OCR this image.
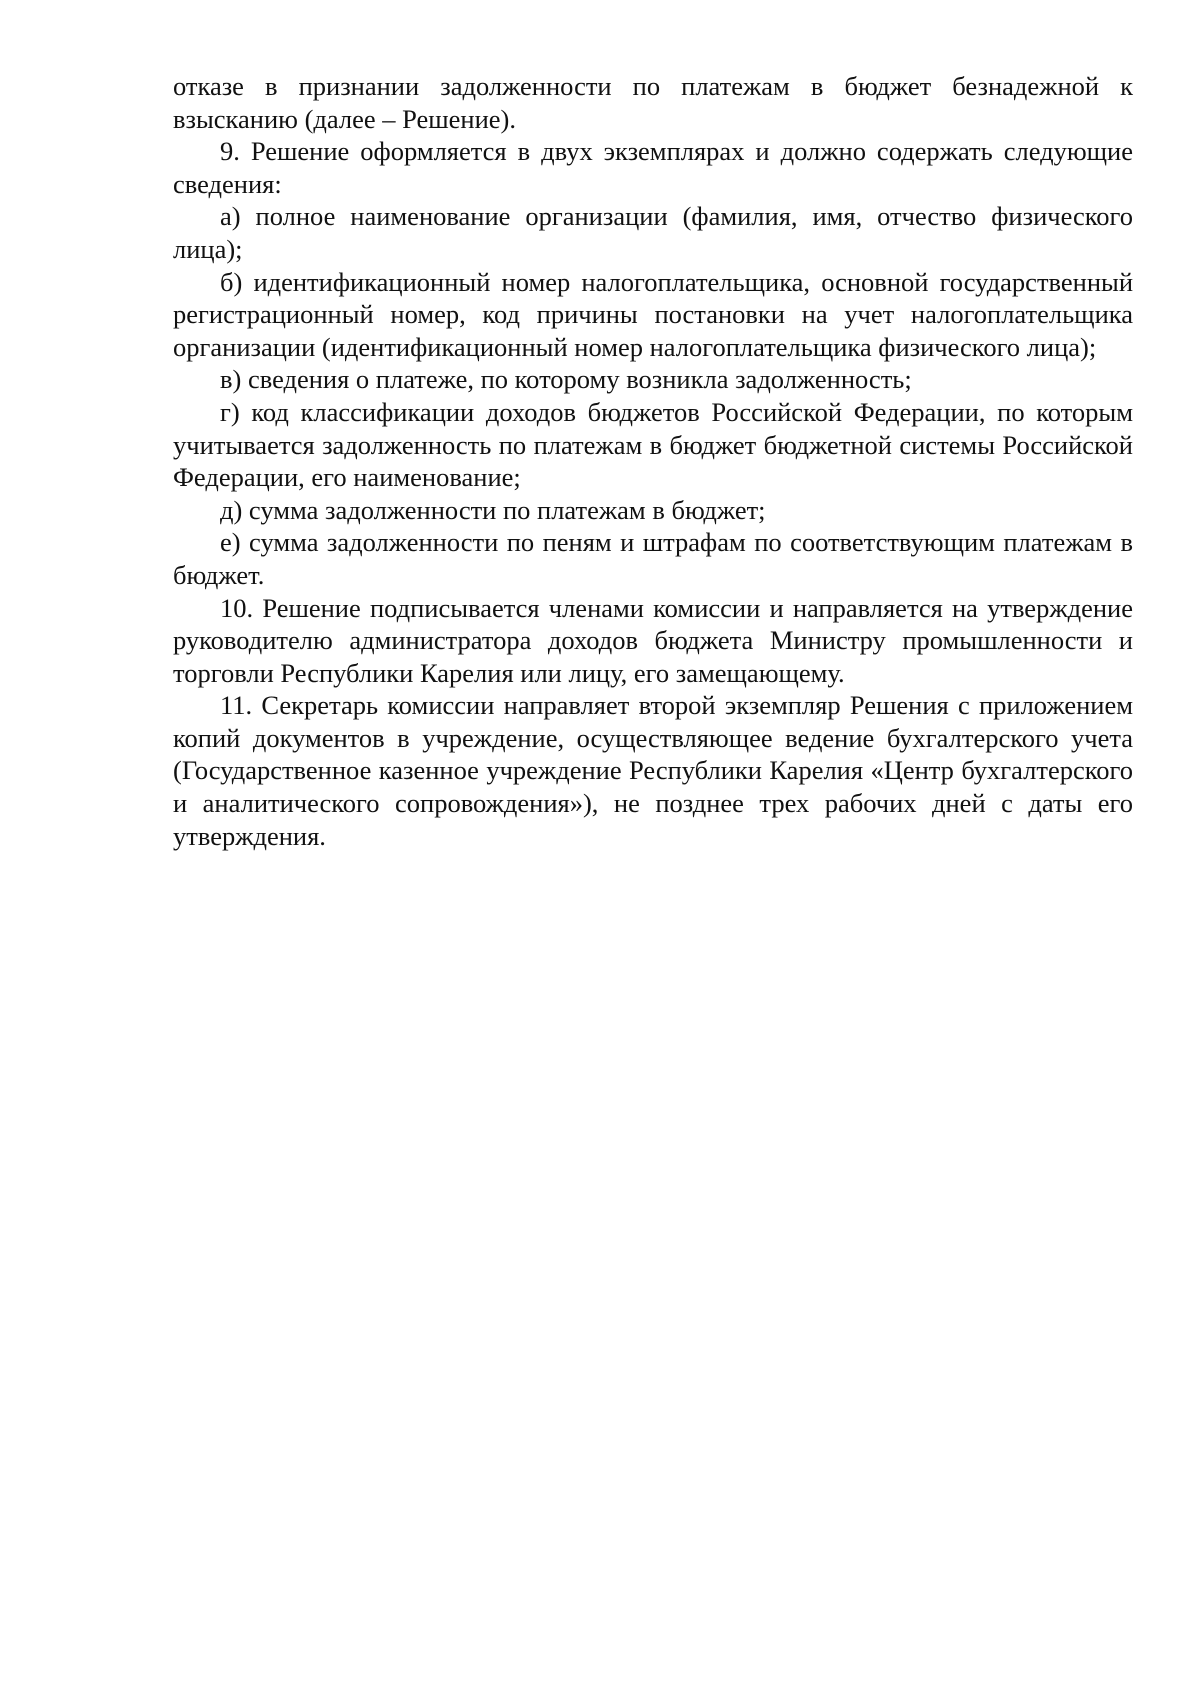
отказе в признании задолженности по платежам в бюджет безнадежной к взысканию (далее – Решение).

9. Решение оформляется в двух экземплярах и должно содержать следующие сведения:

а) полное наименование организации (фамилия, имя, отчество физического лица);

б) идентификационный номер налогоплательщика, основной государственный регистрационный номер, код причины постановки на учет налогоплательщика организации (идентификационный номер налогоплательщика физического лица);

в) сведения о платеже, по которому возникла задолженность;

г) код классификации доходов бюджетов Российской Федерации, по которым учитывается задолженность по платежам в бюджет бюджетной системы Российской Федерации, его наименование;

д) сумма задолженности по платежам в бюджет;

е) сумма задолженности по пеням и штрафам по соответствующим платежам в бюджет.

10. Решение подписывается членами комиссии и направляется на утверждение руководителю администратора доходов бюджета Министру промышленности и торговли Республики Карелия или лицу, его замещающему.

11. Секретарь комиссии направляет второй экземпляр Решения с приложением копий документов в учреждение, осуществляющее ведение бухгалтерского учета (Государственное казенное учреждение Республики Карелия «Центр бухгалтерского и аналитического сопровождения»), не позднее трех рабочих дней с даты его утверждения.
